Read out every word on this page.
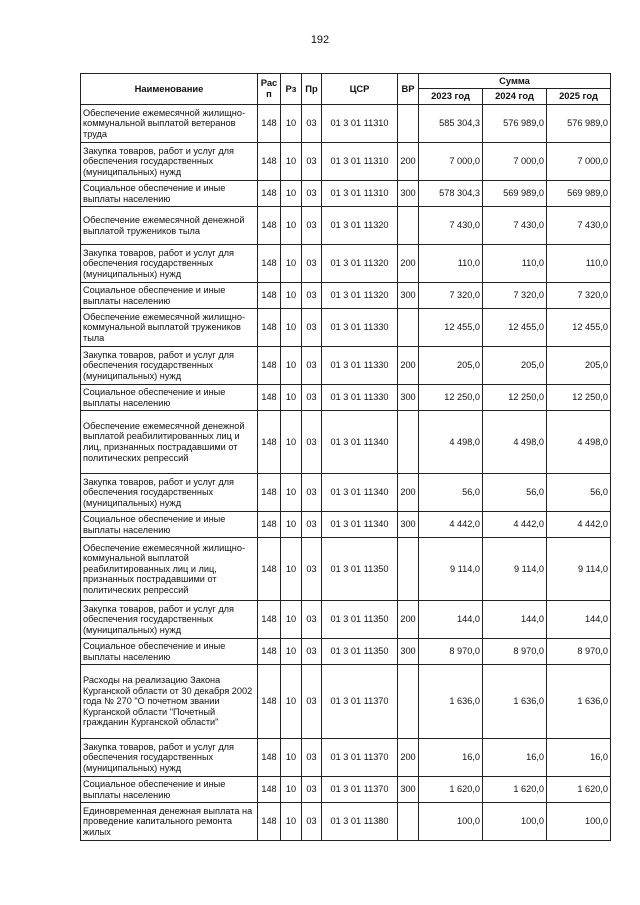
192
Наименование	Рас п	Рз	Пр	ЦСР	ВР	Сумма		
						2023 год	2024 год	2025 год
Обеспечение ежемесячной жилищно-коммунальной выплатой ветеранов труда	148	10	03	01 3 01 11310		585 304,3	576 989,0	576 989,0
Закупка товаров, работ и услуг для обеспечения государственных (муниципальных) нужд	148	10	03	01 3 01 11310	200	7 000,0	7 000,0	7 000,0
Социальное обеспечение и иные выплаты населению	148	10	03	01 3 01 11310	300	578 304,3	569 989,0	569 989,0
Обеспечение ежемесячной денежной выплатой тружеников тыла	148	10	03	01 3 01 11320		7 430,0	7 430,0	7 430,0
Закупка товаров, работ и услуг для обеспечения государственных (муниципальных) нужд	148	10	03	01 3 01 11320	200	110,0	110,0	110,0
Социальное обеспечение и иные выплаты населению	148	10	03	01 3 01 11320	300	7 320,0	7 320,0	7 320,0
Обеспечение ежемесячной жилищно-коммунальной выплатой тружеников тыла	148	10	03	01 3 01 11330		12 455,0	12 455,0	12 455,0
Закупка товаров, работ и услуг для обеспечения государственных (муниципальных) нужд	148	10	03	01 3 01 11330	200	205,0	205,0	205,0
Социальное обеспечение и иные выплаты населению	148	10	03	01 3 01 11330	300	12 250,0	12 250,0	12 250,0
Обеспечение ежемесячной денежной выплатой реабилитированных лиц и лиц, признанных пострадавшими от политических репрессий	148	10	03	01 3 01 11340		4 498,0	4 498,0	4 498,0
Закупка товаров, работ и услуг для обеспечения государственных (муниципальных) нужд	148	10	03	01 3 01 11340	200	56,0	56,0	56,0
Социальное обеспечение и иные выплаты населению	148	10	03	01 3 01 11340	300	4 442,0	4 442,0	4 442,0
Обеспечение ежемесячной жилищно-коммунальной выплатой реабилитированных лиц и лиц, признанных пострадавшими от политических репрессий	148	10	03	01 3 01 11350		9 114,0	9 114,0	9 114,0
Закупка товаров, работ и услуг для обеспечения государственных (муниципальных) нужд	148	10	03	01 3 01 11350	200	144,0	144,0	144,0
Социальное обеспечение и иные выплаты населению	148	10	03	01 3 01 11350	300	8 970,0	8 970,0	8 970,0
Расходы на реализацию Закона Курганской области от 30 декабря 2002 года № 270 "О почетном звании Курганской области "Почетный гражданин Курганской области"	148	10	03	01 3 01 11370		1 636,0	1 636,0	1 636,0
Закупка товаров, работ и услуг для обеспечения государственных (муниципальных) нужд	148	10	03	01 3 01 11370	200	16,0	16,0	16,0
Социальное обеспечение и иные выплаты населению	148	10	03	01 3 01 11370	300	1 620,0	1 620,0	1 620,0
Единовременная денежная выплата на проведение капитального ремонта жилых	148	10	03	01 3 01 11380		100,0	100,0	100,0
